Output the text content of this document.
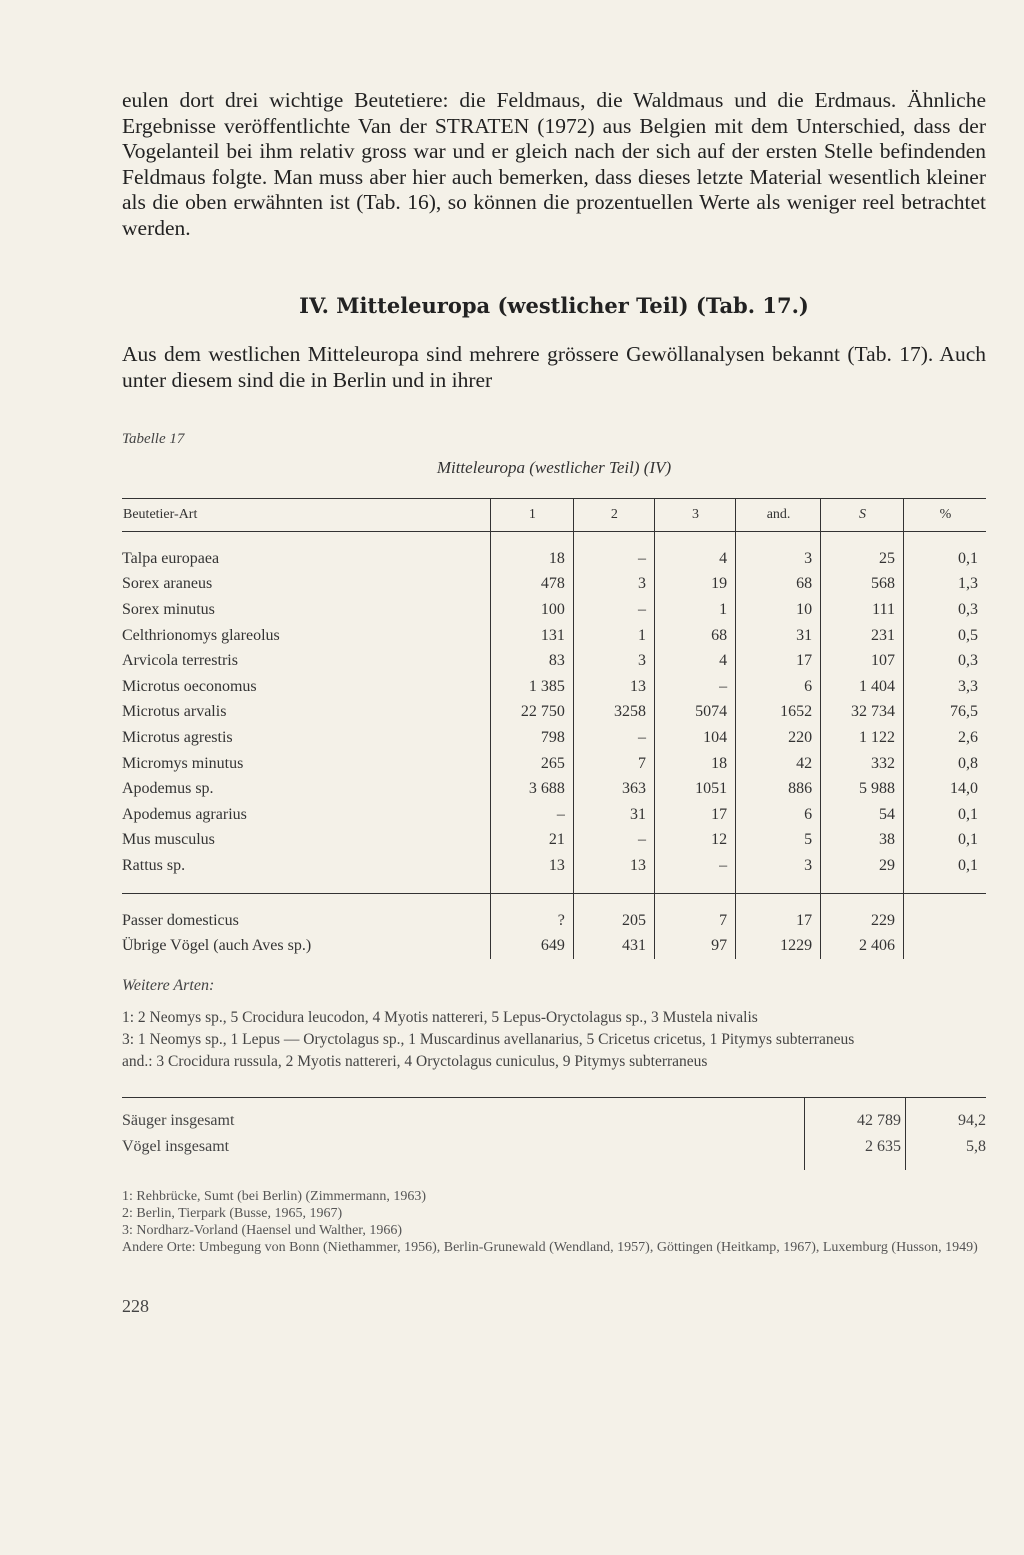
eulen dort drei wichtige Beutetiere: die Feldmaus, die Waldmaus und die Erdmaus. Ähnliche Ergebnisse veröffentlichte Van der STRATEN (1972) aus Belgien mit dem Unterschied, dass der Vogelanteil bei ihm relativ gross war und er gleich nach der sich auf der ersten Stelle befindenden Feldmaus folgte. Man muss aber hier auch bemerken, dass dieses letzte Material wesentlich kleiner als die oben erwähnten ist (Tab. 16), so können die prozentuellen Werte als weniger reel betrachtet werden.

IV. Mitteleuropa (westlicher Teil) (Tab. 17.)

Aus dem westlichen Mitteleuropa sind mehrere grössere Gewöllanalysen bekannt (Tab. 17). Auch unter diesem sind die in Berlin und in ihrer

Tabelle 17
Mitteleuropa (westlicher Teil) (IV)
Beutetier-Art	1	2	3	and.	S	%
Talpa europaea	18	–	4	3	25	0,1
Sorex araneus	478	3	19	68	568	1,3
Sorex minutus	100	–	1	10	111	0,3
Celthrionomys glareolus	131	1	68	31	231	0,5
Arvicola terrestris	83	3	4	17	107	0,3
Microtus oeconomus	1 385	13	–	6	1 404	3,3
Microtus arvalis	22 750	3258	5074	1652	32 734	76,5
Microtus agrestis	798	–	104	220	1 122	2,6
Micromys minutus	265	7	18	42	332	0,8
Apodemus sp.	3 688	363	1051	886	5 988	14,0
Apodemus agrarius	–	31	17	6	54	0,1
Mus musculus	21	–	12	5	38	0,1
Rattus sp.	13	13	–	3	29	0,1
Passer domesticus	?	205	7	17	229	
Übrige Vögel (auch Aves sp.)	649	431	97	1229	2 406	
Weitere Arten:
1: 2 Neomys sp., 5 Crocidura leucodon, 4 Myotis nattereri, 5 Lepus-Oryctolagus sp., 3 Mustela nivalis
3: 1 Neomys sp., 1 Lepus — Oryctolagus sp., 1 Muscardinus avellanarius, 5 Cricetus cricetus, 1 Pitymys subterraneus
and.: 3 Crocidura russula, 2 Myotis nattereri, 4 Oryctolagus cuniculus, 9 Pitymys subterraneus
Säuger insgesamt	42 789	94,2
Vögel insgesamt	2 635	5,8
1: Rehbrücke, Sumt (bei Berlin) (Zimmermann, 1963)
2: Berlin, Tierpark (Busse, 1965, 1967)
3: Nordharz-Vorland (Haensel und Walther, 1966)
Andere Orte: Umbegung von Bonn (Niethammer, 1956), Berlin-Grunewald (Wendland, 1957), Göttingen (Heitkamp, 1967), Luxemburg (Husson, 1949)
228
